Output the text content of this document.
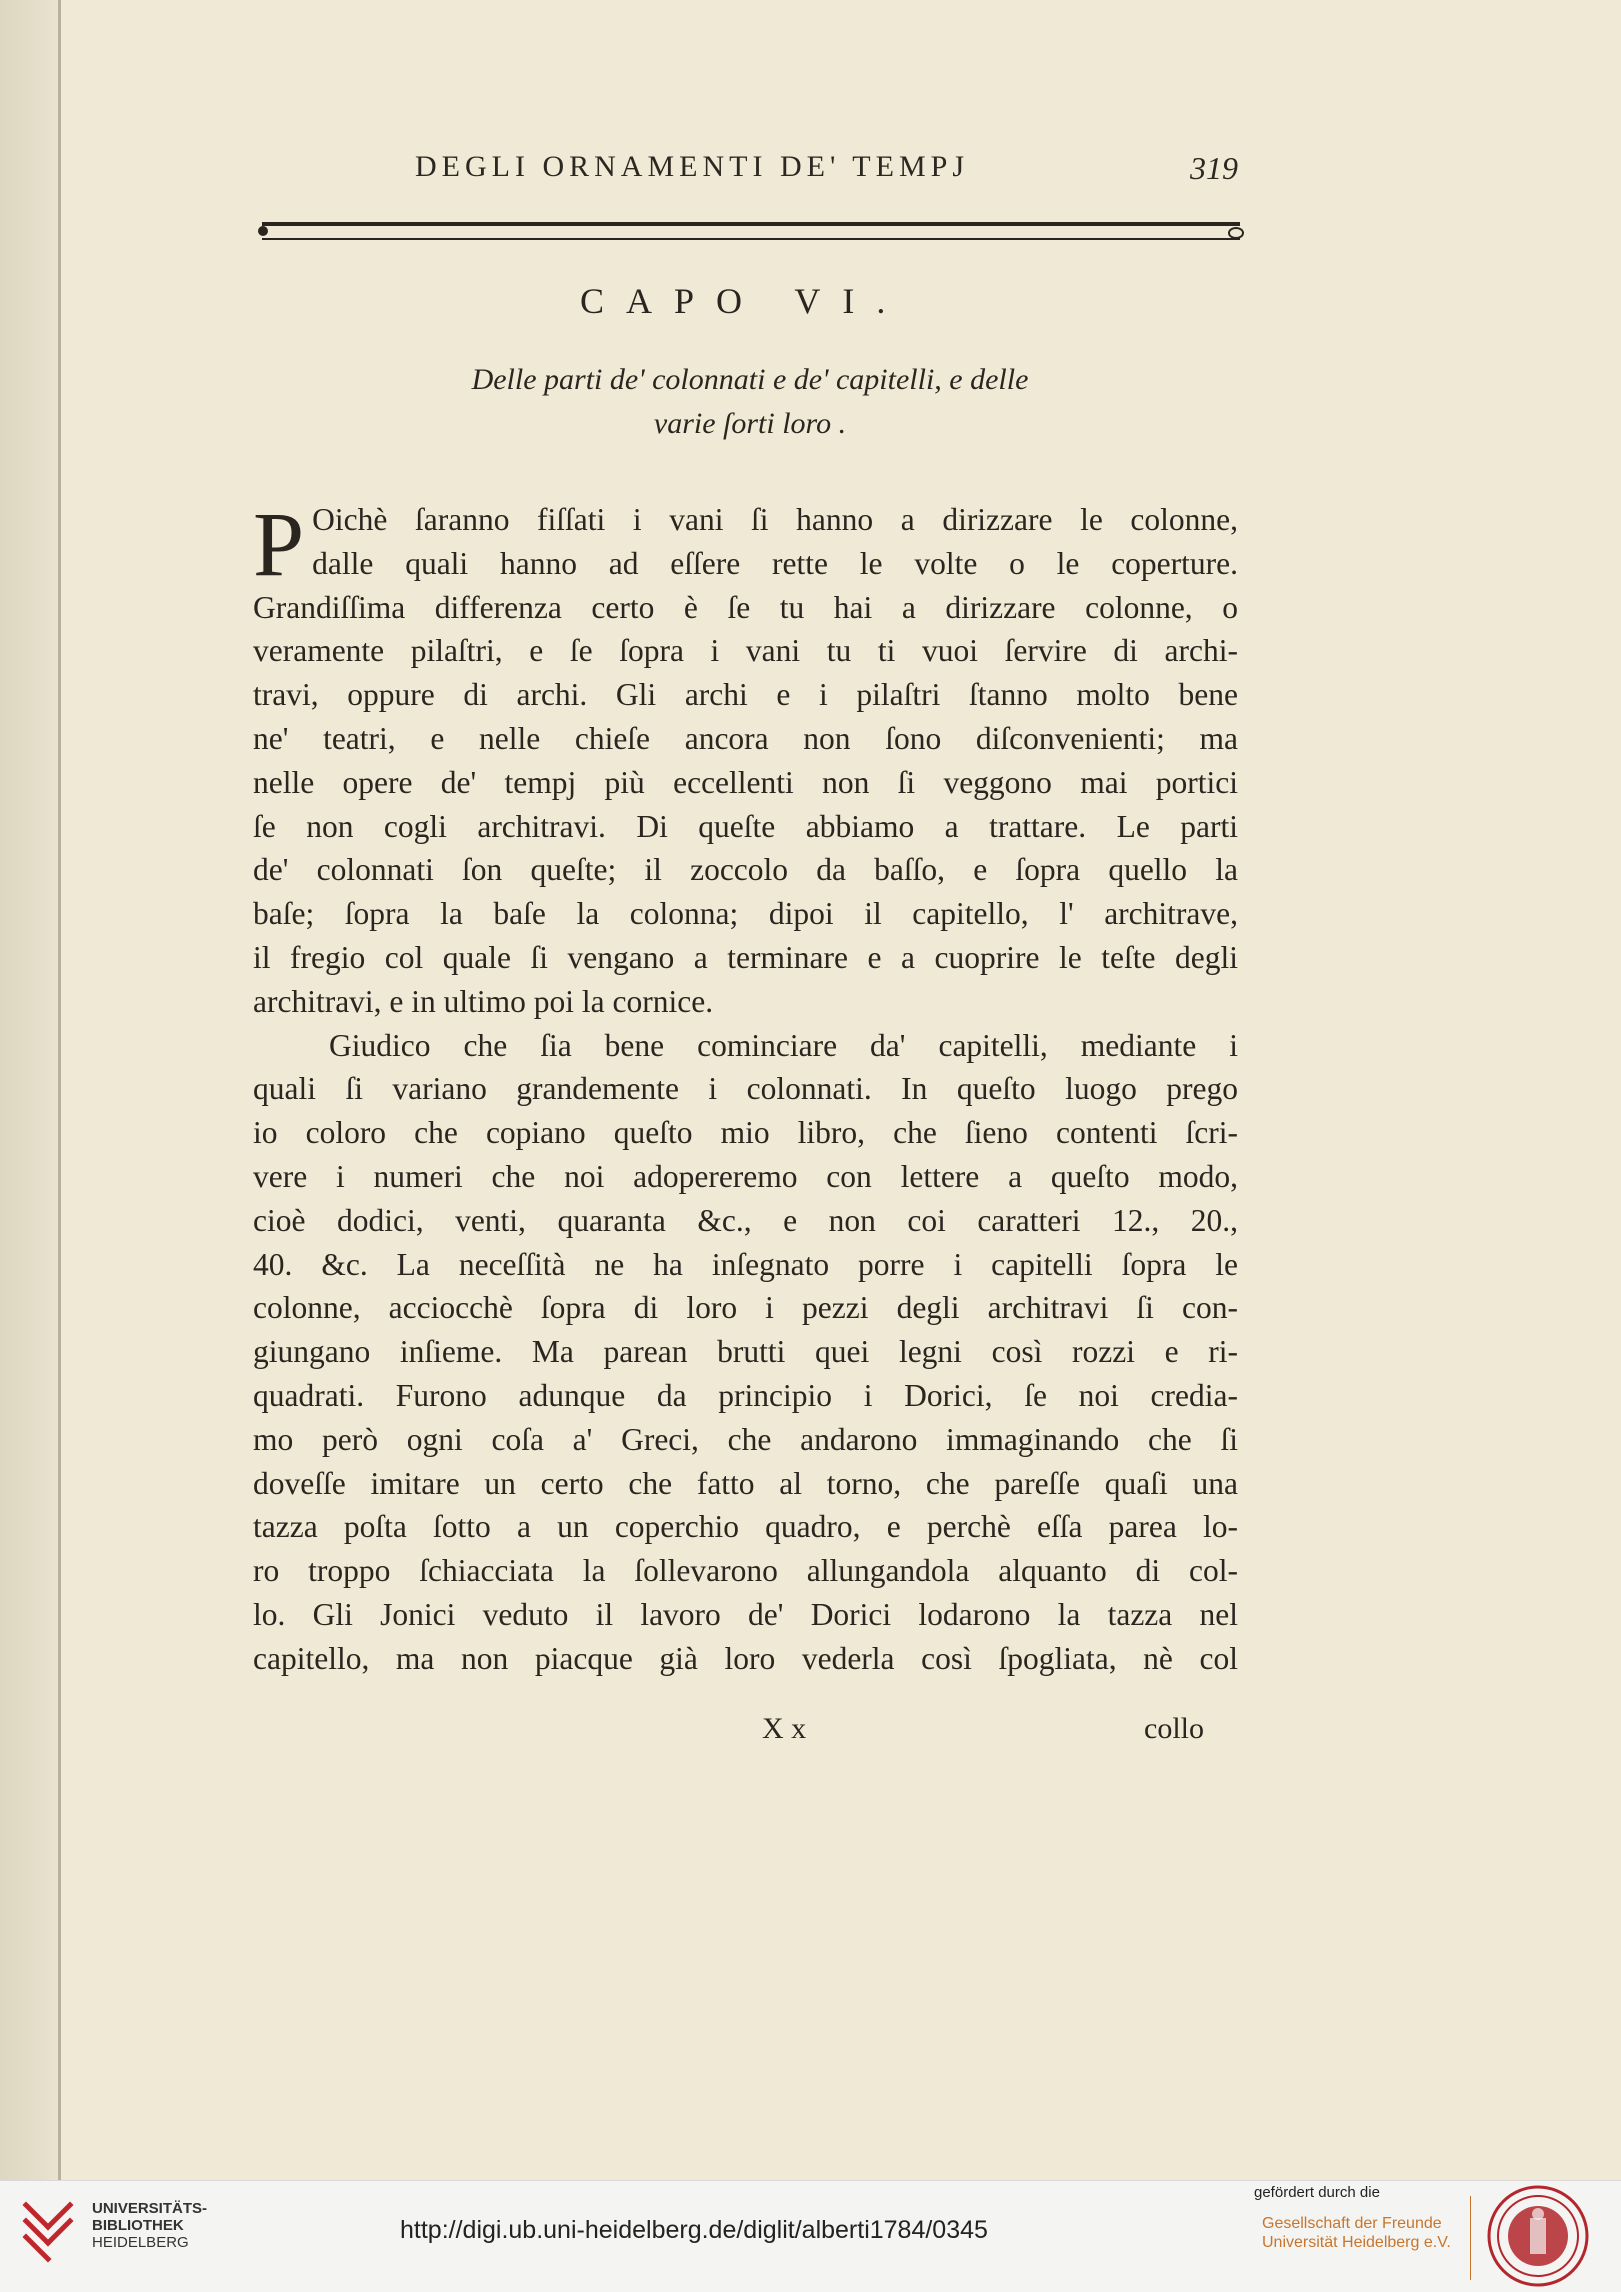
DEGLI ORNAMENTI DE' TEMPJ	319
CAPO VI.
Delle parti de' colonnati e de' capitelli, e delle
varie ſorti loro .
P Oichè ſaranno fiſſati i vani ſi hanno a dirizzare le colonne,
dalle quali hanno ad eſſere rette le volte o le coperture.
Grandiſſima differenza certo è ſe tu hai a dirizzare colonne, o
veramente pilaſtri, e ſe ſopra i vani tu ti vuoi ſervire di archi-
travi, oppure di archi. Gli archi e i pilaſtri ſtanno molto bene
ne' teatri, e nelle chieſe ancora non ſono diſconvenienti; ma
nelle opere de' tempj più eccellenti non ſi veggono mai portici
ſe non cogli architravi. Di queſte abbiamo a trattare. Le parti
de' colonnati ſon queſte; il zoccolo da baſſo, e ſopra quello la
baſe; ſopra la baſe la colonna; dipoi il capitello, l' architrave,
il fregio col quale ſi vengano a terminare e a cuoprire le teſte degli
architravi, e in ultimo poi la cornice.
Giudico che ſia bene cominciare da' capitelli, mediante i
quali ſi variano grandemente i colonnati. In queſto luogo prego
io coloro che copiano queſto mio libro, che ſieno contenti ſcri-
vere i numeri che noi adopereremo con lettere a queſto modo,
cioè dodici, venti, quaranta &c., e non coi caratteri 12., 20.,
40. &c. La neceſſità ne ha inſegnato porre i capitelli ſopra le
colonne, acciocchè ſopra di loro i pezzi degli architravi ſi con-
giungano inſieme. Ma parean brutti quei legni così rozzi e ri-
quadrati. Furono adunque da principio i Dorici, ſe noi credia-
mo però ogni coſa a' Greci, che andarono immaginando che ſi
doveſſe imitare un certo che fatto al torno, che pareſſe quaſi una
tazza poſta ſotto a un coperchio quadro, e perchè eſſa parea lo-
ro troppo ſchiacciata la ſollevarono allungandola alquanto di col-
lo. Gli Jonici veduto il lavoro de' Dorici lodarono la tazza nel
capitello, ma non piacque già loro vederla così ſpogliata, nè col
X x	collo
UNIVERSITÄTS-
BIBLIOTHEK
HEIDELBERG	http://digi.ub.uni-heidelberg.de/diglit/alberti1784/0345
gefördert durch die
Gesellschaft der Freunde
Universität Heidelberg e.V.
